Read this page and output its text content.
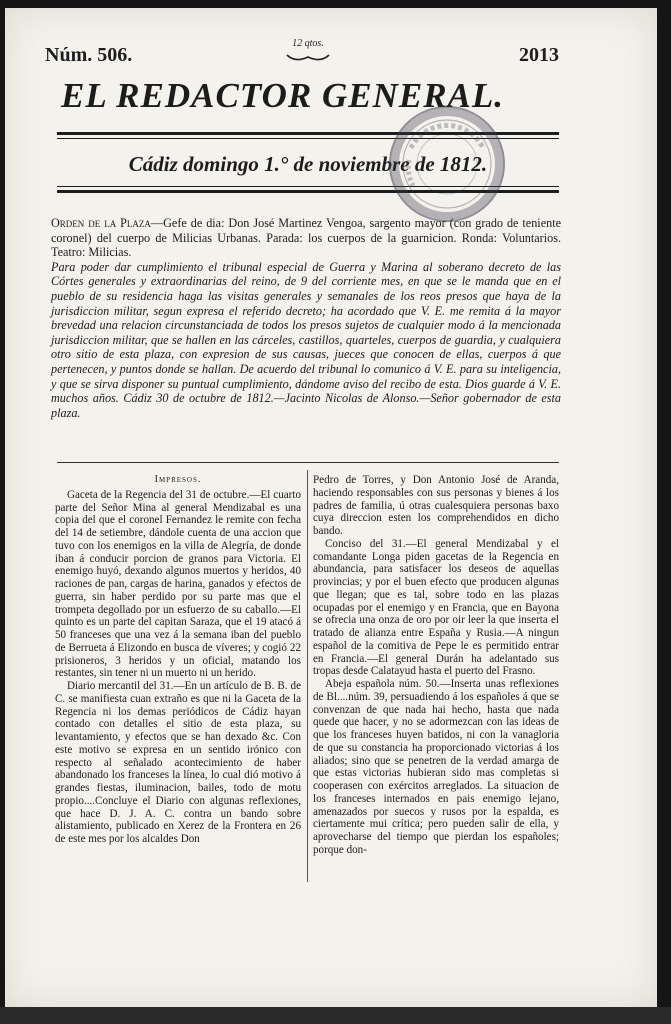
Núm. 506.
12 qtos.
2013
EL REDACTOR GENERAL.
Cádiz domingo 1.° de noviembre de 1812.
Orden de la Plaza—Gefe de dia: Don José Martinez Vengoa, sargento mayor (con grado de teniente coronel) del cuerpo de Milicias Urbanas. Parada: los cuerpos de la guarnicion. Ronda: Voluntarios. Teatro: Milicias.
Para poder dar cumplimiento el tribunal especial de Guerra y Marina al soberano decreto de las Córtes generales y extraordinarias del reino, de 9 del corriente mes, en que se le manda que en el pueblo de su residencia haga las visitas generales y semanales de los reos presos que haya de la jurisdiccion militar, segun expresa el referido decreto; ha acordado que V. E. me remita á la mayor brevedad una relacion circunstanciada de todos los presos sujetos de cualquier modo á la mencionada jurisdiccion militar, que se hallen en las cárceles, castillos, quarteles, cuerpos de guardia, y cualquiera otro sitio de esta plaza, con expresion de sus causas, jueces que conocen de ellas, cuerpos á que pertenecen, y puntos donde se hallan. De acuerdo del tribunal lo comunico á V. E. para su inteligencia, y que se sirva disponer su puntual cumplimiento, dándome aviso del recibo de esta. Dios guarde á V. E. muchos años. Cádiz 30 de octubre de 1812.—Jacinto Nicolas de Alonso.—Señor gobernador de esta plaza.
Impresos.

Gaceta de la Regencia del 31 de octubre.—El cuarto parte del Señor Mina al general Mendizabal es una copia del que el coronel Fernandez le remite con fecha del 14 de setiembre, dándole cuenta de una accion que tuvo con los enemigos en la villa de Alegría, de donde iban á conducir porcion de granos para Victoria. El enemigo huyó, dexando algunos muertos y heridos, 40 raciones de pan, cargas de harina, ganados y efectos de guerra, sin haber perdido por su parte mas que el trompeta degollado por un esfuerzo de su caballo.—El quinto es un parte del capitan Saraza, que el 19 atacó á 50 franceses que una vez á la semana iban del pueblo de Berrueta á Elizondo en busca de víveres; y cogió 22 prisioneros, 3 heridos y un oficial, matando los restantes, sin tener ni un muerto ni un herido.

Diario mercantil del 31.—En un artículo de B. B. de C. se manifiesta cuan extraño es que ni la Gaceta de la Regencia ni los demas periódicos de Cádiz hayan contado con detalles el sitio de esta plaza, su levantamiento, y efectos que se han dexado &c. Con este motivo se expresa en un sentido irónico con respecto al señalado acontecimiento de haber abandonado los franceses la línea, lo cual dió motivo á grandes fiestas, iluminacion, bailes, todo de motu propio....Concluye el Diario con algunas reflexiones, que hace D. J. A. C. contra un bando sobre alistamiento, publicado en Xerez de la Frontera en 26 de este mes por los alcaldes Don

Pedro de Torres, y Don Antonio José de Aranda, haciendo responsables con sus personas y bienes á los padres de familia, ú otras cualesquiera personas baxo cuya direccion esten los comprehendidos en dicho bando.

Conciso del 31.—El general Mendizabal y el comandante Longa piden gacetas de la Regencia en abundancia, para satisfacer los deseos de aquellas provincias; y por el buen efecto que producen algunas que llegan; que es tal, sobre todo en las plazas ocupadas por el enemigo y en Francia, que en Bayona se ofrecia una onza de oro por oir leer la que inserta el tratado de alianza entre España y Rusia.—A ningun español de la comitiva de Pepe le es permitido entrar en Francia.—El general Durán ha adelantado sus tropas desde Calatayud hasta el puerto del Frasno.

Abeja española núm. 50.—Inserta unas reflexiones de Bl....núm. 39, persuadiendo á los españoles á que se convenzan de que nada hai hecho, hasta que nada quede que hacer, y no se adormezcan con las ideas de que los franceses huyen batidos, ni con la vanagloria de que su constancia ha proporcionado victorias á los aliados; sino que se penetren de la verdad amarga de que estas victorias hubieran sido mas completas si cooperasen con exércitos arreglados. La situacion de los franceses internados en pais enemigo lejano, amenazados por suecos y rusos por la espalda, es ciertamente mui crítica; pero pueden salir de ella, y aprovecharse del tiempo que pierdan los españoles; porque don-
